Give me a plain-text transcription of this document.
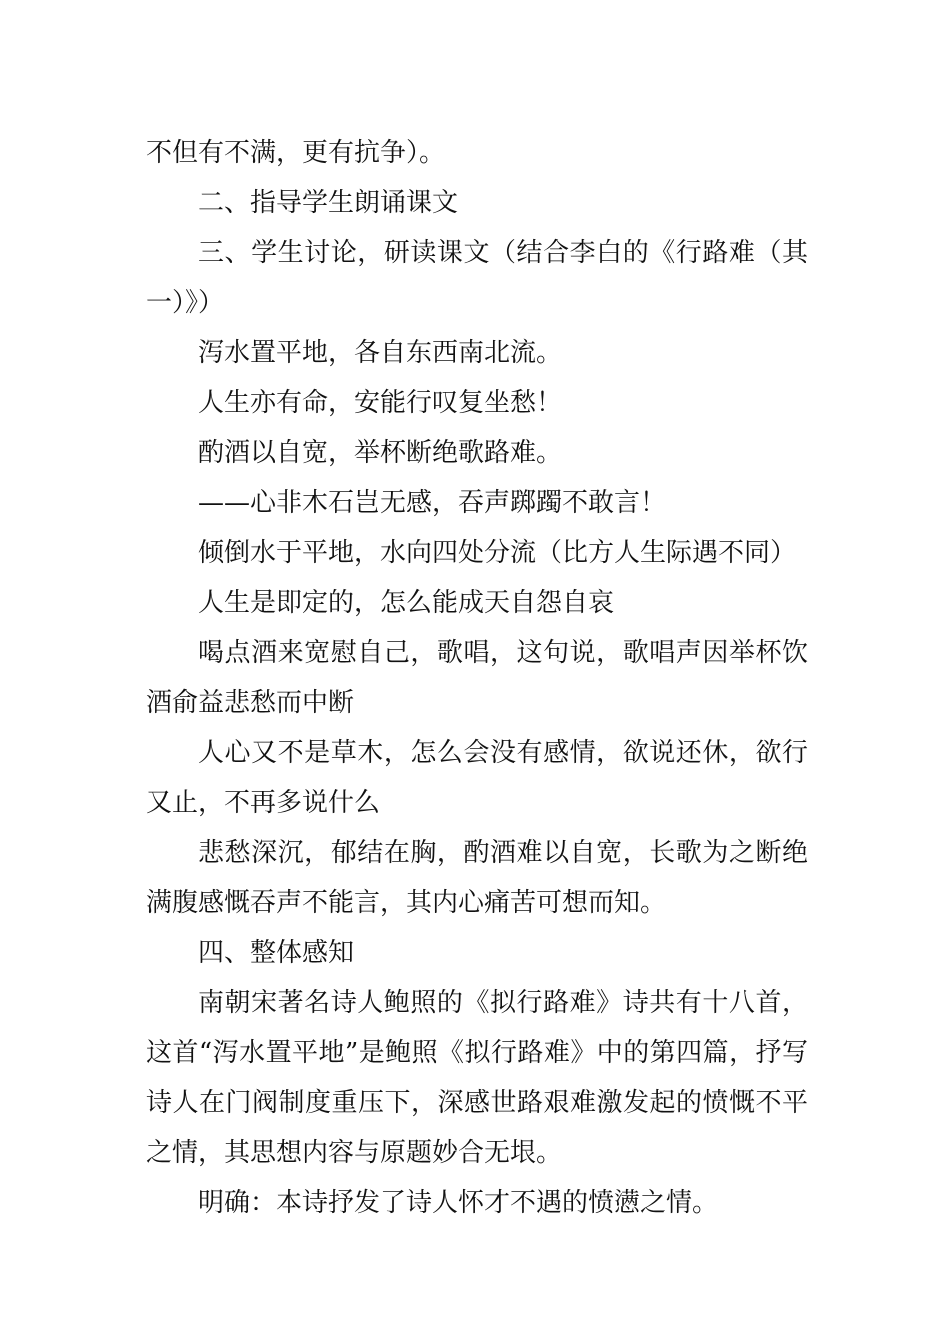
不但有不满，更有抗争）。

二、指导学生朗诵课文

三、学生讨论，研读课文（结合李白的《行路难（其一）》）

泻水置平地，各自东西南北流。

人生亦有命，安能行叹复坐愁！

酌酒以自宽，举杯断绝歌路难。

——心非木石岂无感，吞声踯躅不敢言！

倾倒水于平地，水向四处分流（比方人生际遇不同）

人生是即定的，怎么能成天自怨自哀

喝点酒来宽慰自己，歌唱，这句说，歌唱声因举杯饮酒俞益悲愁而中断

人心又不是草木，怎么会没有感情，欲说还休，欲行又止，不再多说什么

悲愁深沉，郁结在胸，酌酒难以自宽，长歌为之断绝满腹感慨吞声不能言，其内心痛苦可想而知。

四、整体感知

南朝宋著名诗人鲍照的《拟行路难》诗共有十八首，这首“泻水置平地”是鲍照《拟行路难》中的第四篇，抒写诗人在门阀制度重压下，深感世路艰难激发起的愤慨不平之情，其思想内容与原题妙合无垠。

明确：本诗抒发了诗人怀才不遇的愤懑之情。
